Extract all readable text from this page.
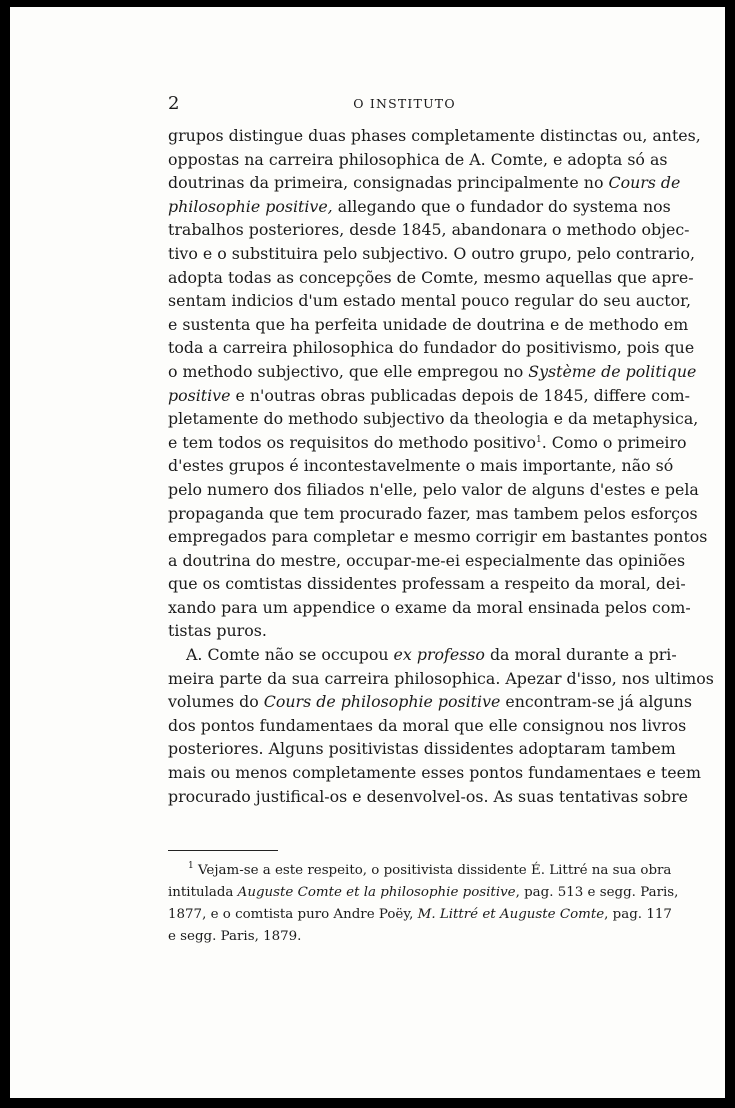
2	O INSTITUTO
grupos distingue duas phases completamente distinctas ou, antes,
oppostas na carreira philosophica de A. Comte, e adopta só as
doutrinas da primeira, consignadas principalmente no Cours de
philosophie positive, allegando que o fundador do systema nos
trabalhos posteriores, desde 1845, abandonara o methodo objec-
tivo e o substituira pelo subjectivo. O outro grupo, pelo contrario,
adopta todas as concepções de Comte, mesmo aquellas que apre-
sentam indicios d'um estado mental pouco regular do seu auctor,
e sustenta que ha perfeita unidade de doutrina e de methodo em
toda a carreira philosophica do fundador do positivismo, pois que
o methodo subjectivo, que elle empregou no Système de politique
positive e n'outras obras publicadas depois de 1845, differe com-
pletamente do methodo subjectivo da theologia e da metaphysica,
e tem todos os requisitos do methodo positivo$^1$. Como o primeiro
d'estes grupos é incontestavelmente o mais importante, não só
pelo numero dos filiados n'elle, pelo valor de alguns d'estes e pela
propaganda que tem procurado fazer, mas tambem pelos esforços
empregados para completar e mesmo corrigir em bastantes pontos
a doutrina do mestre, occupar-me-ei especialmente das opiniões
que os comtistas dissidentes professam a respeito da moral, dei-
xando para um appendice o exame da moral ensinada pelos com-
tistas puros.
A. Comte não se occupou ex professo da moral durante a pri-
meira parte da sua carreira philosophica. Apezar d'isso, nos ultimos
volumes do Cours de philosophie positive encontram-se já alguns
dos pontos fundamentaes da moral que elle consignou nos livros
posteriores. Alguns positivistas dissidentes adoptaram tambem
mais ou menos completamente esses pontos fundamentaes e teem
procurado justifical-os e desenvolvel-os. As suas tentativas sobre
$^1$ Vejam-se a este respeito, o positivista dissidente É. Littré na sua obra
intitulada Auguste Comte et la philosophie positive, pag. 513 e segg. Paris,
1877, e o comtista puro Andre Poëy, M. Littré et Auguste Comte, pag. 117
e segg. Paris, 1879.
